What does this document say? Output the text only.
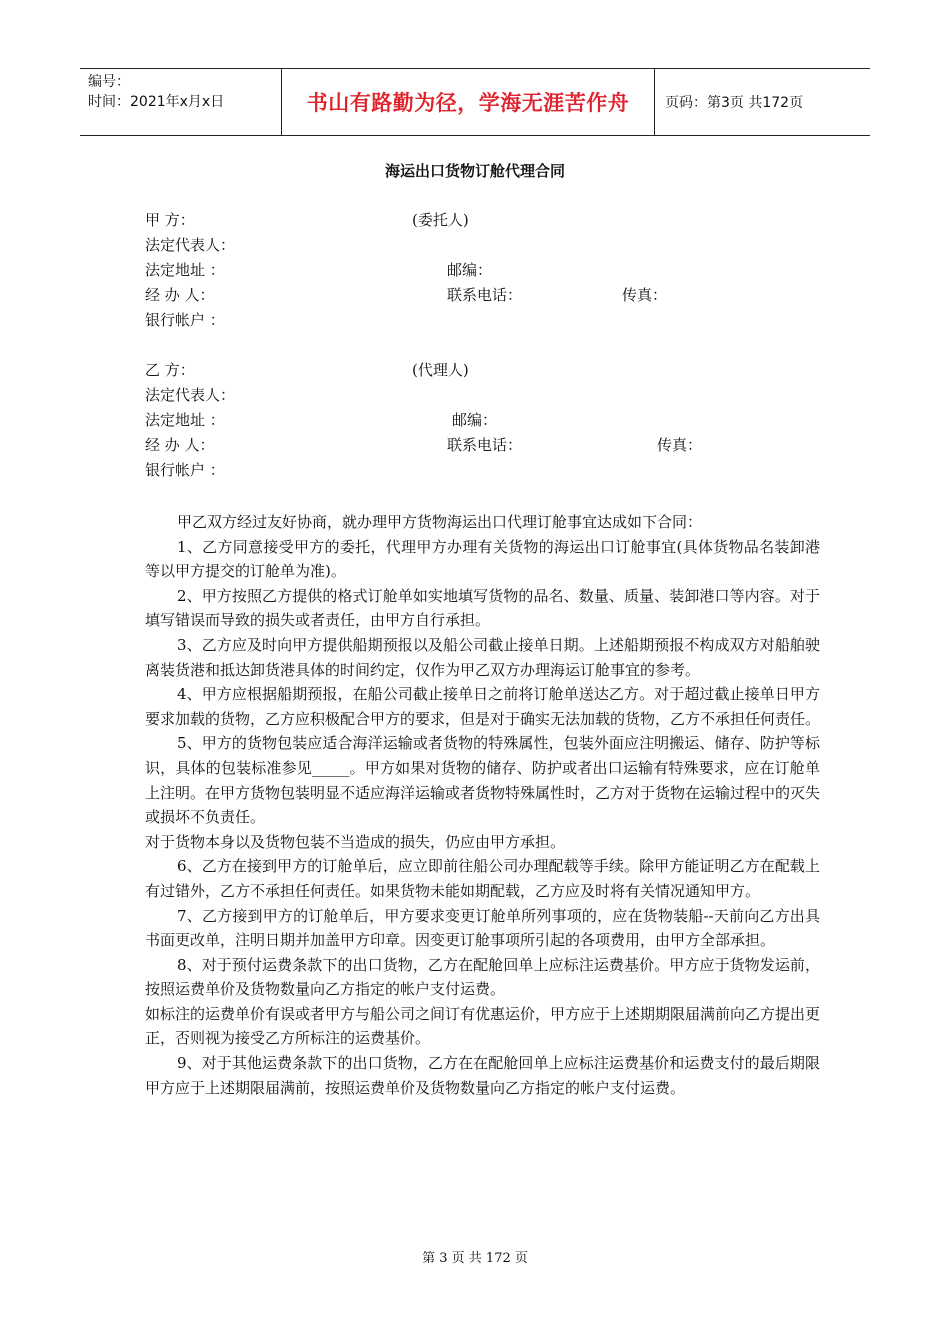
编号：
时间：2021年x月x日	书山有路勤为径，学海无涯苦作舟	页码：第3页 共172页
海运出口货物订舱代理合同
甲 方：	(委托人)
法定代表人：
法定地址 ：	邮编：
经 办 人：	联系电话：	传真：
银行帐户 ：
乙 方：	(代理人)
法定代表人：
法定地址 ：	邮编：
经 办 人：	联系电话：	传真：
银行帐户 ：

甲乙双方经过友好协商，就办理甲方货物海运出口代理订舱事宜达成如下合同：

1、乙方同意接受甲方的委托，代理甲方办理有关货物的海运出口订舱事宜(具体货物品名装卸港等以甲方提交的订舱单为准)。

2、甲方按照乙方提供的格式订舱单如实地填写货物的品名、数量、质量、装卸港口等内容。对于填写错误而导致的损失或者责任，由甲方自行承担。

3、乙方应及时向甲方提供船期预报以及船公司截止接单日期。上述船期预报不构成双方对船舶驶离装货港和抵达卸货港具体的时间约定，仅作为甲乙双方办理海运订舱事宜的参考。

4、甲方应根据船期预报，在船公司截止接单日之前将订舱单送达乙方。对于超过截止接单日甲方要求加载的货物，乙方应积极配合甲方的要求，但是对于确实无法加载的货物，乙方不承担任何责任。

5、甲方的货物包装应适合海洋运输或者货物的特殊属性，包装外面应注明搬运、储存、防护等标识，具体的包装标准参见_____。甲方如果对货物的储存、防护或者出口运输有特殊要求，应在订舱单上注明。在甲方货物包装明显不适应海洋运输或者货物特殊属性时，乙方对于货物在运输过程中的灭失或损坏不负责任。

对于货物本身以及货物包装不当造成的损失，仍应由甲方承担。

6、乙方在接到甲方的订舱单后，应立即前往船公司办理配载等手续。除甲方能证明乙方在配载上有过错外，乙方不承担任何责任。如果货物未能如期配载，乙方应及时将有关情况通知甲方。

7、乙方接到甲方的订舱单后，甲方要求变更订舱单所列事项的，应在货物装船--天前向乙方出具书面更改单，注明日期并加盖甲方印章。因变更订舱事项所引起的各项费用，由甲方全部承担。

8、对于预付运费条款下的出口货物，乙方在配舱回单上应标注运费基价。甲方应于货物发运前，按照运费单价及货物数量向乙方指定的帐户支付运费。

如标注的运费单价有误或者甲方与船公司之间订有优惠运价，甲方应于上述期期限届满前向乙方提出更正，否则视为接受乙方所标注的运费基价。

9、对于其他运费条款下的出口货物，乙方在在配舱回单上应标注运费基价和运费支付的最后期限甲方应于上述期限届满前，按照运费单价及货物数量向乙方指定的帐户支付运费。

第 3 页 共 172 页
